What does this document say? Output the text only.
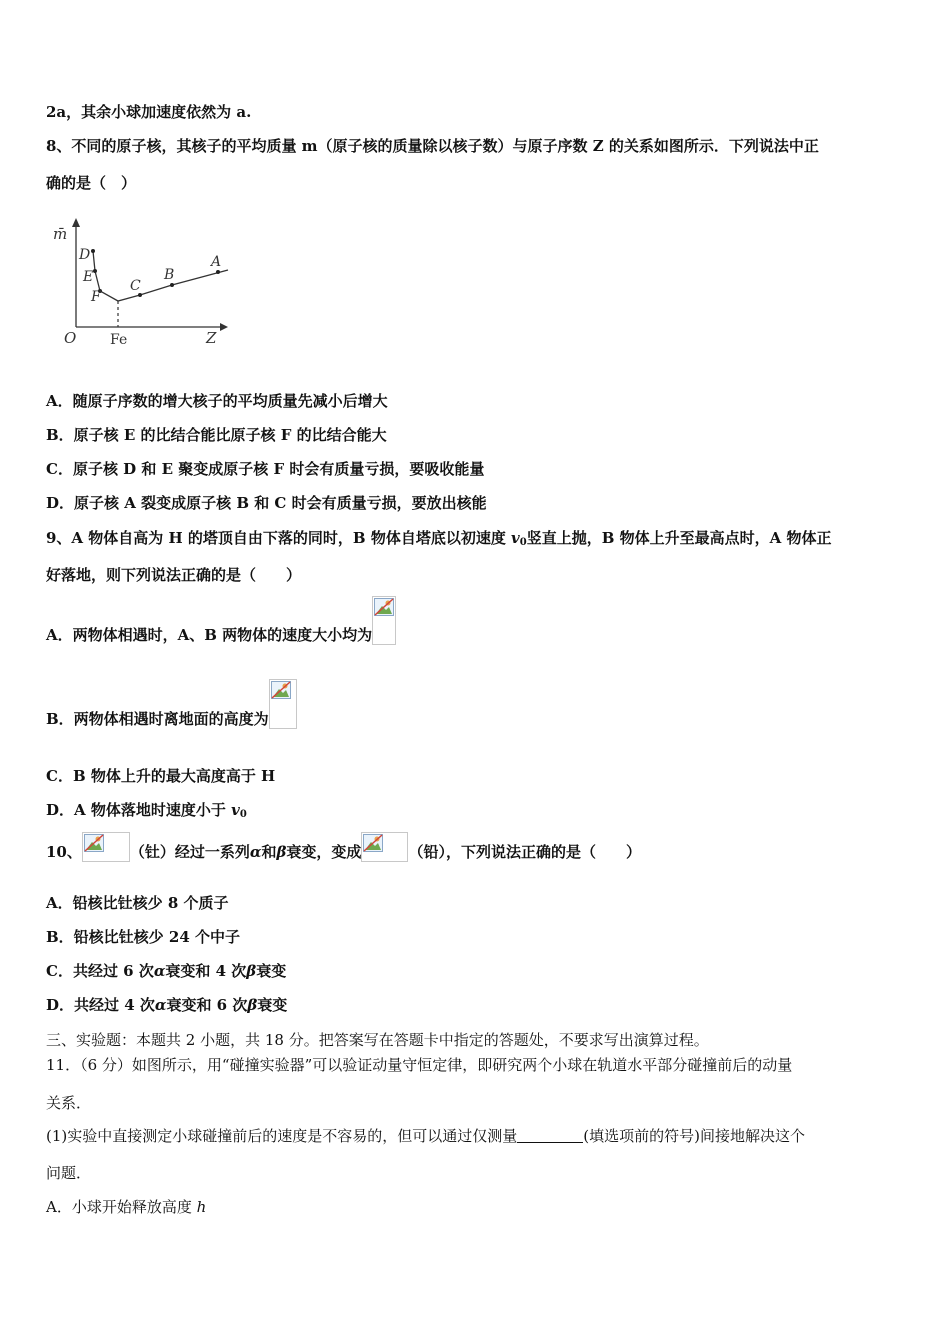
2a，其余小球加速度依然为 a.
8、不同的原子核，其核子的平均质量 m（原子核的质量除以核子数）与原子序数 Z 的关系如图所示．下列说法中正
确的是（　）
m̄
D
E
F
C
B
A
O Fe	Z
A．随原子序数的增大核子的平均质量先减小后增大
B．原子核 E 的比结合能比原子核 F 的比结合能大
C．原子核 D 和 E 聚变成原子核 F 时会有质量亏损，要吸收能量
D．原子核 A 裂变成原子核 B 和 C 时会有质量亏损，要放出核能
9、A 物体自高为 H 的塔顶自由下落的同时，B 物体自塔底以初速度 $v_0$竖直上抛，B 物体上升至最高点时，A 物体正
好落地，则下列说法正确的是（　　）
A．两物体相遇时，A、B 两物体的速度大小均为
B．两物体相遇时离地面的高度为
C．B 物体上升的最大高度高于 H
D．A 物体落地时速度小于 $v_0$
10、	（钍）经过一系列α和β衰变，变成	（铅），下列说法正确的是（　　）
A．铅核比钍核少 8 个质子
B．铅核比钍核少 24 个中子
C．共经过 6 次α衰变和 4 次β衰变
D．共经过 4 次α衰变和 6 次β衰变
三、实验题：本题共 2 小题，共 18 分。把答案写在答题卡中指定的答题处，不要求写出演算过程。
11．（6 分）如图所示，用“碰撞实验器”可以验证动量守恒定律，即研究两个小球在轨道水平部分碰撞前后的动量
关系．
(1)实验中直接测定小球碰撞前后的速度是不容易的，但可以通过仅测量	(填选项前的符号)间接地解决这个
问题．
A．小球开始释放高度 h
